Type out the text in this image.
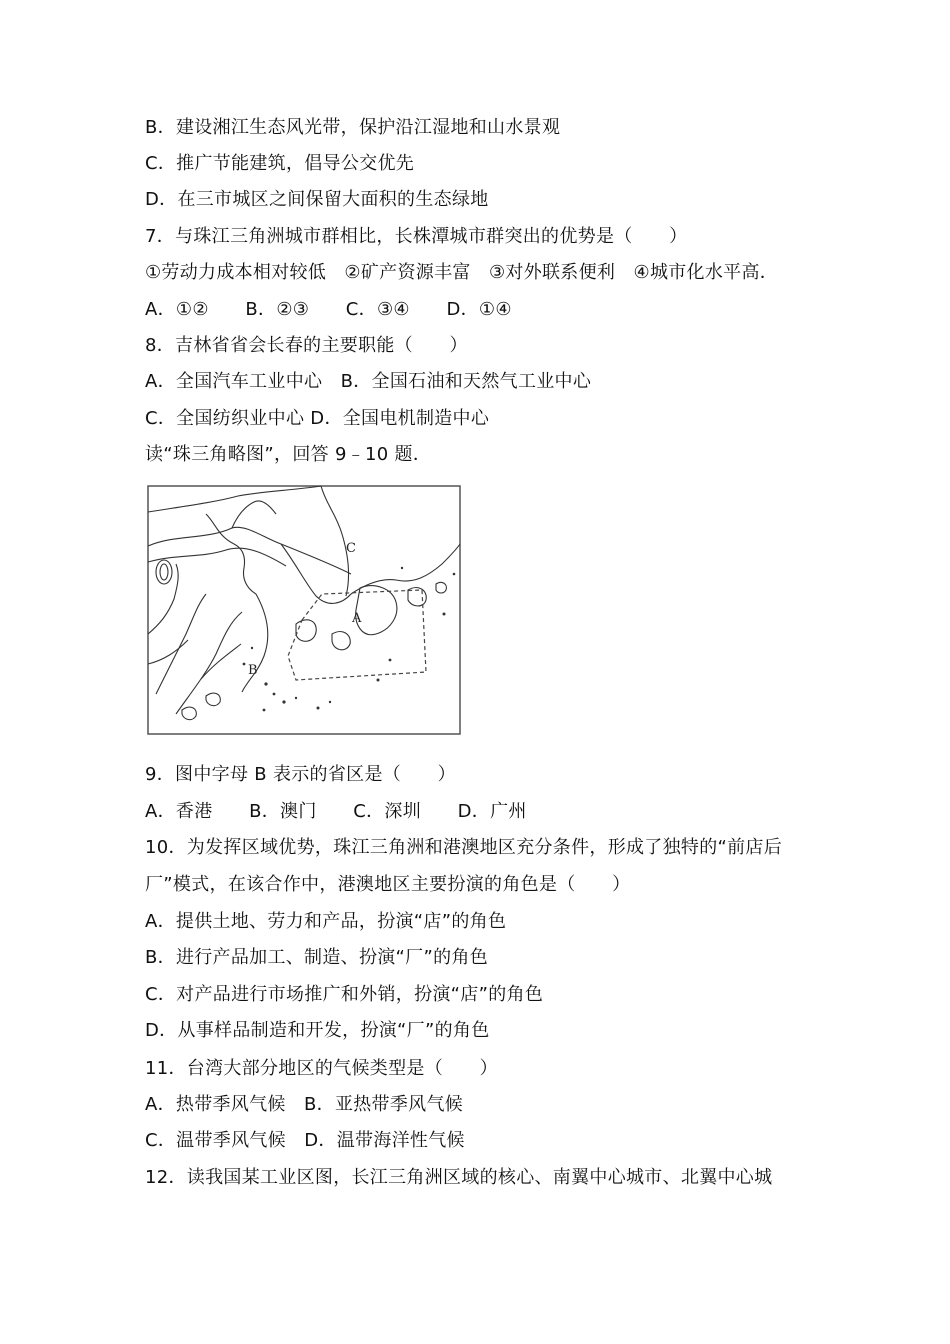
B．建设湘江生态风光带，保护沿江湿地和山水景观
C．推广节能建筑，倡导公交优先
D．在三市城区之间保留大面积的生态绿地
7．与珠江三角洲城市群相比，长株潭城市群突出的优势是（　　）
①劳动力成本相对较低　②矿产资源丰富　③对外联系便利　④城市化水平高．
A．①②　　B．②③　　C．③④　　D．①④
8．吉林省省会长春的主要职能（　　）
A．全国汽车工业中心　B．全国石油和天然气工业中心
C．全国纺织业中心 D．全国电机制造中心
读“珠三角略图”，回答 9﹣10 题．
9．图中字母 B 表示的省区是（　　）
A．香港　　B．澳门　　C．深圳　　D．广州
10．为发挥区域优势，珠江三角洲和港澳地区充分条件，形成了独特的“前店后
厂”模式，在该合作中，港澳地区主要扮演的角色是（　　）
A．提供土地、劳力和产品，扮演“店”的角色
B．进行产品加工、制造、扮演“厂”的角色
C．对产品进行市场推广和外销，扮演“店”的角色
D．从事样品制造和开发，扮演“厂”的角色
11．台湾大部分地区的气候类型是（　　）
A．热带季风气候　B．亚热带季风气候
C．温带季风气候　D．温带海洋性气候
12．读我国某工业区图，长江三角洲区域的核心、南翼中心城市、北翼中心城
A
B
C
